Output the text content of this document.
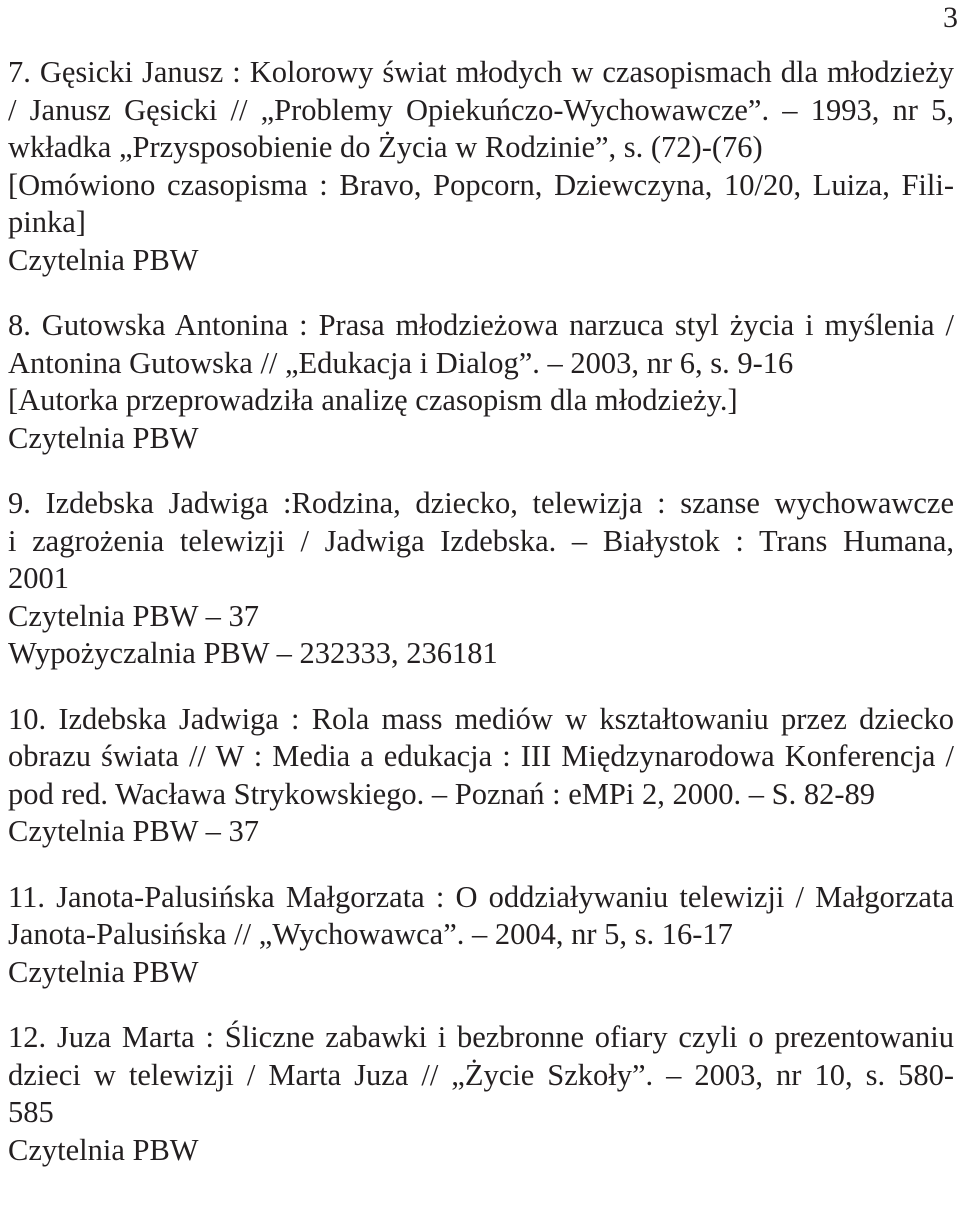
3
7. Gęsicki Janusz : Kolorowy świat młodych w czasopismach dla młodzieży
/ Janusz Gęsicki // „Problemy Opiekuńczo-Wychowawcze”. – 1993, nr 5,
wkładka „Przysposobienie do Życia w Rodzinie”, s. (72)-(76)
[Omówiono czasopisma : Bravo, Popcorn, Dziewczyna, 10/20, Luiza, Fili-
pinka]
Czytelnia PBW
8. Gutowska Antonina : Prasa młodzieżowa narzuca styl życia i myślenia /
Antonina Gutowska // „Edukacja i Dialog”. – 2003, nr 6, s. 9-16
[Autorka przeprowadziła analizę czasopism dla młodzieży.]
Czytelnia PBW
9. Izdebska Jadwiga :Rodzina, dziecko, telewizja : szanse wychowawcze
i zagrożenia telewizji / Jadwiga Izdebska. – Białystok : Trans Humana,
2001
Czytelnia PBW – 37
Wypożyczalnia PBW – 232333, 236181
10. Izdebska Jadwiga : Rola mass mediów w kształtowaniu przez dziecko
obrazu świata // W : Media a edukacja : III Międzynarodowa Konferencja /
pod red. Wacława Strykowskiego. – Poznań : eMPi 2, 2000. – S. 82-89
Czytelnia PBW – 37
11. Janota-Palusińska Małgorzata : O oddziaływaniu telewizji / Małgorzata
Janota-Palusińska // „Wychowawca”. – 2004, nr 5, s. 16-17
Czytelnia PBW
12. Juza Marta : Śliczne zabawki i bezbronne ofiary czyli o prezentowaniu
dzieci w telewizji / Marta Juza // „Życie Szkoły”. – 2003, nr 10, s. 580-
585
Czytelnia PBW
